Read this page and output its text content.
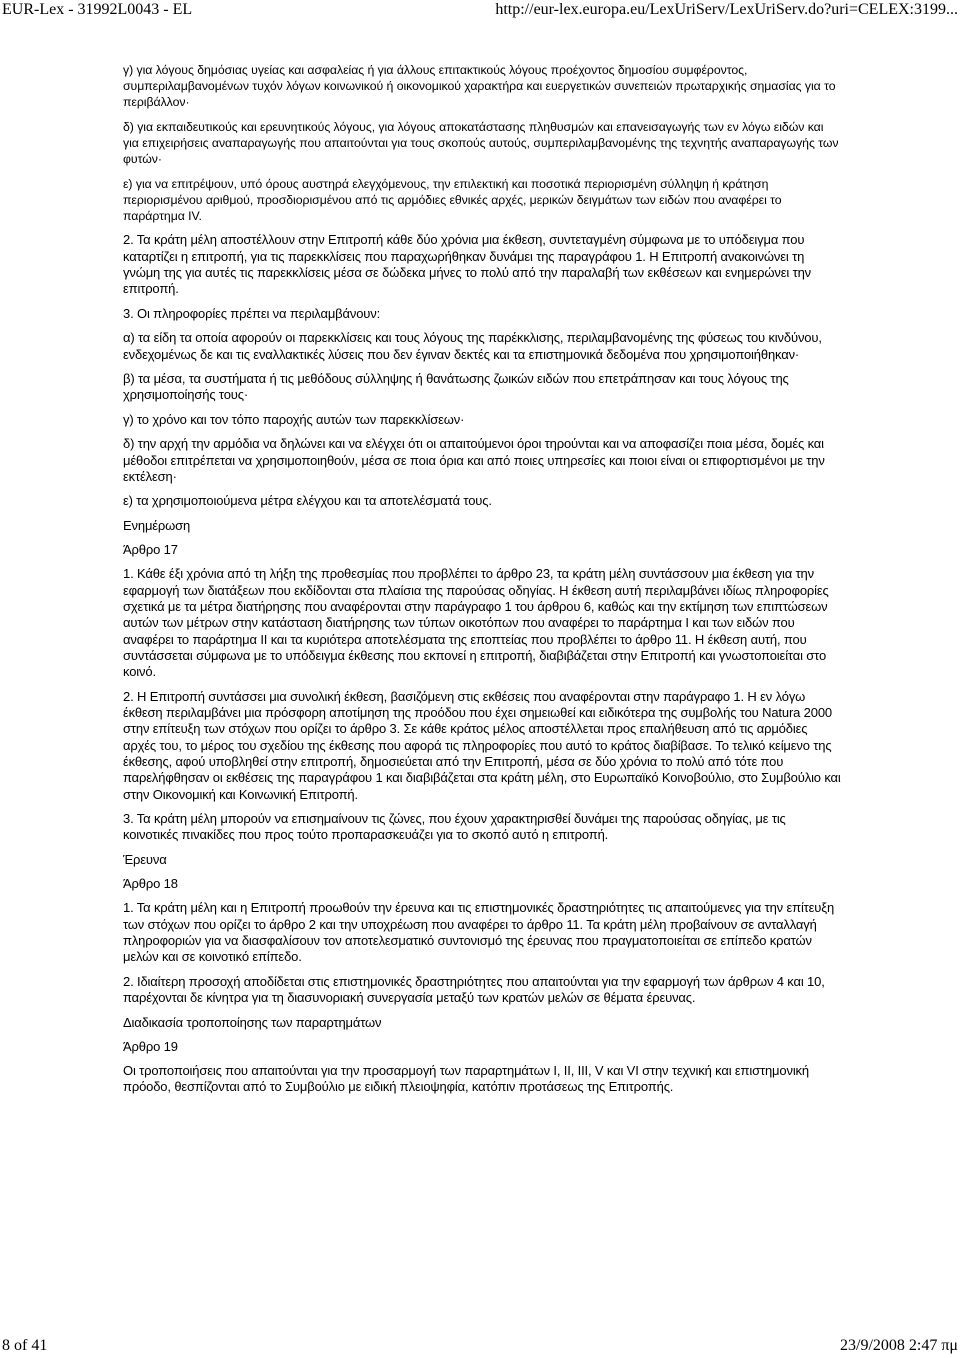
EUR-Lex - 31992L0043 - EL	http://eur-lex.europa.eu/LexUriServ/LexUriServ.do?uri=CELEX:3199...

γ) για λόγους δημόσιας υγείας και ασφαλείας ή για άλλους επιτακτικούς λόγους προέχοντος δημοσίου συμφέροντος, συμπεριλαμβανομένων τυχόν λόγων κοινωνικού ή οικονομικού χαρακτήρα και ευεργετικών συνεπειών πρωταρχικής σημασίας για το περιβάλλον·

δ) για εκπαιδευτικούς και ερευνητικούς λόγους, για λόγους αποκατάστασης πληθυσμών και επανεισαγωγής των εν λόγω ειδών και για επιχειρήσεις αναπαραγωγής που απαιτούνται για τους σκοπούς αυτούς, συμπεριλαμβανομένης της τεχνητής αναπαραγωγής των φυτών·

ε) για να επιτρέψουν, υπό όρους αυστηρά ελεγχόμενους, την επιλεκτική και ποσοτικά περιορισμένη σύλληψη ή κράτηση περιορισμένου αριθμού, προσδιορισμένου από τις αρμόδιες εθνικές αρχές, μερικών δειγμάτων των ειδών που αναφέρει το παράρτημα IV.

2. Τα κράτη μέλη αποστέλλουν στην Επιτροπή κάθε δύο χρόνια μια έκθεση, συντεταγμένη σύμφωνα με το υπόδειγμα που καταρτίζει η επιτροπή, για τις παρεκκλίσεις που παραχωρήθηκαν δυνάμει της παραγράφου 1. Η Επιτροπή ανακοινώνει τη γνώμη της για αυτές τις παρεκκλίσεις μέσα σε δώδεκα μήνες το πολύ από την παραλαβή των εκθέσεων και ενημερώνει την επιτροπή.

3. Οι πληροφορίες πρέπει να περιλαμβάνουν:

α) τα είδη τα οποία αφορούν οι παρεκκλίσεις και τους λόγους της παρέκκλισης, περιλαμβανομένης της φύσεως του κινδύνου, ενδεχομένως δε και τις εναλλακτικές λύσεις που δεν έγιναν δεκτές και τα επιστημονικά δεδομένα που χρησιμοποιήθηκαν·

β) τα μέσα, τα συστήματα ή τις μεθόδους σύλληψης ή θανάτωσης ζωικών ειδών που επετράπησαν και τους λόγους της χρησιμοποίησής τους·

γ) το χρόνο και τον τόπο παροχής αυτών των παρεκκλίσεων·

δ) την αρχή την αρμόδια να δηλώνει και να ελέγχει ότι οι απαιτούμενοι όροι τηρούνται και να αποφασίζει ποια μέσα, δομές και μέθοδοι επιτρέπεται να χρησιμοποιηθούν, μέσα σε ποια όρια και από ποιες υπηρεσίες και ποιοι είναι οι επιφορτισμένοι με την εκτέλεση·

ε) τα χρησιμοποιούμενα μέτρα ελέγχου και τα αποτελέσματά τους.

Ενημέρωση

Άρθρο 17

1. Κάθε έξι χρόνια από τη λήξη της προθεσμίας που προβλέπει το άρθρο 23, τα κράτη μέλη συντάσσουν μια έκθεση για την εφαρμογή των διατάξεων που εκδίδονται στα πλαίσια της παρούσας οδηγίας. Η έκθεση αυτή περιλαμβάνει ιδίως πληροφορίες σχετικά με τα μέτρα διατήρησης που αναφέρονται στην παράγραφο 1 του άρθρου 6, καθώς και την εκτίμηση των επιπτώσεων αυτών των μέτρων στην κατάσταση διατήρησης των τύπων οικοτόπων που αναφέρει το παράρτημα I και των ειδών που αναφέρει το παράρτημα II και τα κυριότερα αποτελέσματα της εποπτείας που προβλέπει το άρθρο 11. Η έκθεση αυτή, που συντάσσεται σύμφωνα με το υπόδειγμα έκθεσης που εκπονεί η επιτροπή, διαβιβάζεται στην Επιτροπή και γνωστοποιείται στο κοινό.

2. Η Επιτροπή συντάσσει μια συνολική έκθεση, βασιζόμενη στις εκθέσεις που αναφέρονται στην παράγραφο 1. Η εν λόγω έκθεση περιλαμβάνει μια πρόσφορη αποτίμηση της προόδου που έχει σημειωθεί και ειδικότερα της συμβολής του Natura 2000 στην επίτευξη των στόχων που ορίζει το άρθρο 3. Σε κάθε κράτος μέλος αποστέλλεται προς επαλήθευση από τις αρμόδιες αρχές του, το μέρος του σχεδίου της έκθεσης που αφορά τις πληροφορίες που αυτό το κράτος διαβίβασε. Το τελικό κείμενο της έκθεσης, αφού υποβληθεί στην επιτροπή, δημοσιεύεται από την Επιτροπή, μέσα σε δύο χρόνια το πολύ από τότε που παρελήφθησαν οι εκθέσεις της παραγράφου 1 και διαβιβάζεται στα κράτη μέλη, στο Ευρωπαϊκό Κοινοβούλιο, στο Συμβούλιο και στην Οικονομική και Κοινωνική Επιτροπή.

3. Τα κράτη μέλη μπορούν να επισημαίνουν τις ζώνες, που έχουν χαρακτηρισθεί δυνάμει της παρούσας οδηγίας, με τις κοινοτικές πινακίδες που προς τούτο προπαρασκευάζει για το σκοπό αυτό η επιτροπή.

Έρευνα

Άρθρο 18

1. Τα κράτη μέλη και η Επιτροπή προωθούν την έρευνα και τις επιστημονικές δραστηριότητες τις απαιτούμενες για την επίτευξη των στόχων που ορίζει το άρθρο 2 και την υποχρέωση που αναφέρει το άρθρο 11. Τα κράτη μέλη προβαίνουν σε ανταλλαγή πληροφοριών για να διασφαλίσουν τον αποτελεσματικό συντονισμό της έρευνας που πραγματοποιείται σε επίπεδο κρατών μελών και σε κοινοτικό επίπεδο.

2. Ιδιαίτερη προσοχή αποδίδεται στις επιστημονικές δραστηριότητες που απαιτούνται για την εφαρμογή των άρθρων 4 και 10, παρέχονται δε κίνητρα για τη διασυνοριακή συνεργασία μεταξύ των κρατών μελών σε θέματα έρευνας.

Διαδικασία τροποποίησης των παραρτημάτων

Άρθρο 19

Οι τροποποιήσεις που απαιτούνται για την προσαρμογή των παραρτημάτων I, II, III, V και VI στην τεχνική και επιστημονική πρόοδο, θεσπίζονται από το Συμβούλιο με ειδική πλειοψηφία, κατόπιν προτάσεως της Επιτροπής.

8 of 41	23/9/2008 2:47 πμ
